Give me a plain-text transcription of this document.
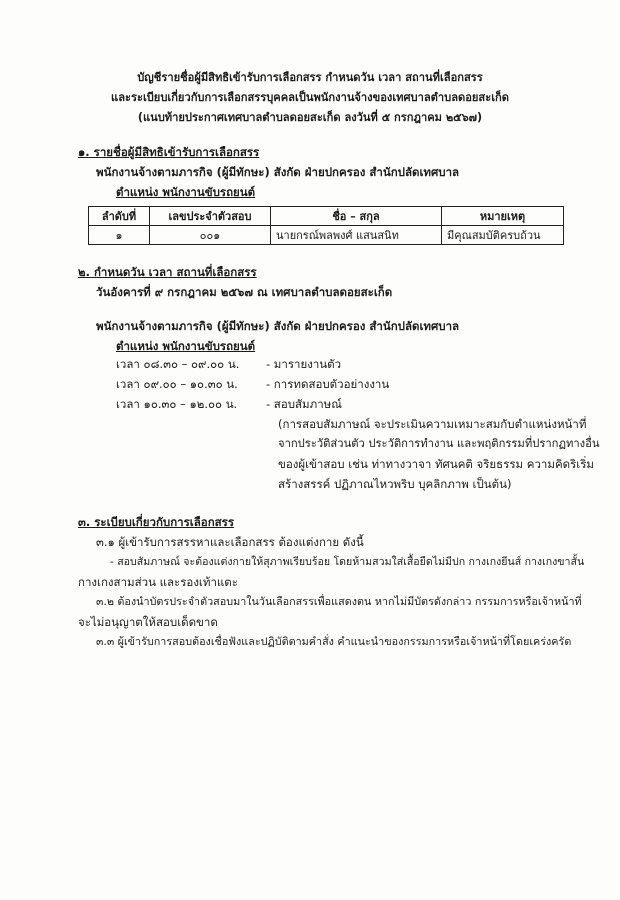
บัญชีรายชื่อผู้มีสิทธิเข้ารับการเลือกสรร กำหนดวัน เวลา สถานที่เลือกสรร
และระเบียบเกี่ยวกับการเลือกสรรบุคคลเป็นพนักงานจ้างของเทศบาลตำบลดอยสะเก็ด
(แนบท้ายประกาศเทศบาลตำบลดอยสะเก็ด ลงวันที่ ๕ กรกฎาคม ๒๕๖๗)
๑. รายชื่อผู้มีสิทธิเข้ารับการเลือกสรร
พนักงานจ้างตามภารกิจ (ผู้มีทักษะ) สังกัด ฝ่ายปกครอง สำนักปลัดเทศบาล
ตำแหน่ง พนักงานขับรถยนต์
ลำดับที่	เลขประจำตัวสอบ	ชื่อ – สกุล	หมายเหตุ
๑	๐๐๑	นายกรณ์พลพงศ์ แสนสนิท	มีคุณสมบัติครบถ้วน
๒. กำหนดวัน เวลา สถานที่เลือกสรร
วันอังคารที่ ๙ กรกฎาคม ๒๕๖๗ ณ เทศบาลตำบลดอยสะเก็ด
พนักงานจ้างตามภารกิจ (ผู้มีทักษะ) สังกัด ฝ่ายปกครอง สำนักปลัดเทศบาล
ตำแหน่ง พนักงานขับรถยนต์
เวลา ๐๘.๓๐ – ๐๙.๐๐ น. - มารายงานตัว
เวลา ๐๙.๐๐ – ๑๐.๓๐ น. - การทดสอบตัวอย่างงาน
เวลา ๑๐.๓๐ – ๑๒.๐๐ น.	- สอบสัมภาษณ์
(การสอบสัมภาษณ์ จะประเมินความเหมาะสมกับตำแหน่งหน้าที่
จากประวัติส่วนตัว ประวัติการทำงาน และพฤติกรรมที่ปรากฏทางอื่น
ของผู้เข้าสอบ เช่น ท่าทางวาจา ทัศนคติ จริยธรรม ความคิดริเริ่ม
สร้างสรรค์ ปฏิภาณไหวพริบ บุคลิกภาพ เป็นต้น)
๓. ระเบียบเกี่ยวกับการเลือกสรร
๓.๑ ผู้เข้ารับการสรรหาและเลือกสรร ต้องแต่งกาย ดังนี้
- สอบสัมภาษณ์ จะต้องแต่งกายให้สุภาพเรียบร้อย โดยห้ามสวมใส่เสื้อยืดไม่มีปก กางเกงยีนส์ กางเกงขาสั้น
กางเกงสามส่วน และรองเท้าแตะ
๓.๒ ต้องนำบัตรประจำตัวสอบมาในวันเลือกสรรเพื่อแสดงตน หากไม่มีบัตรดังกล่าว กรรมการหรือเจ้าหน้าที่
จะไม่อนุญาตให้สอบเด็ดขาด
๓.๓ ผู้เข้ารับการสอบต้องเชื่อฟังและปฏิบัติตามคำสั่ง คำแนะนำของกรรมการหรือเจ้าหน้าที่โดยเคร่งครัด
